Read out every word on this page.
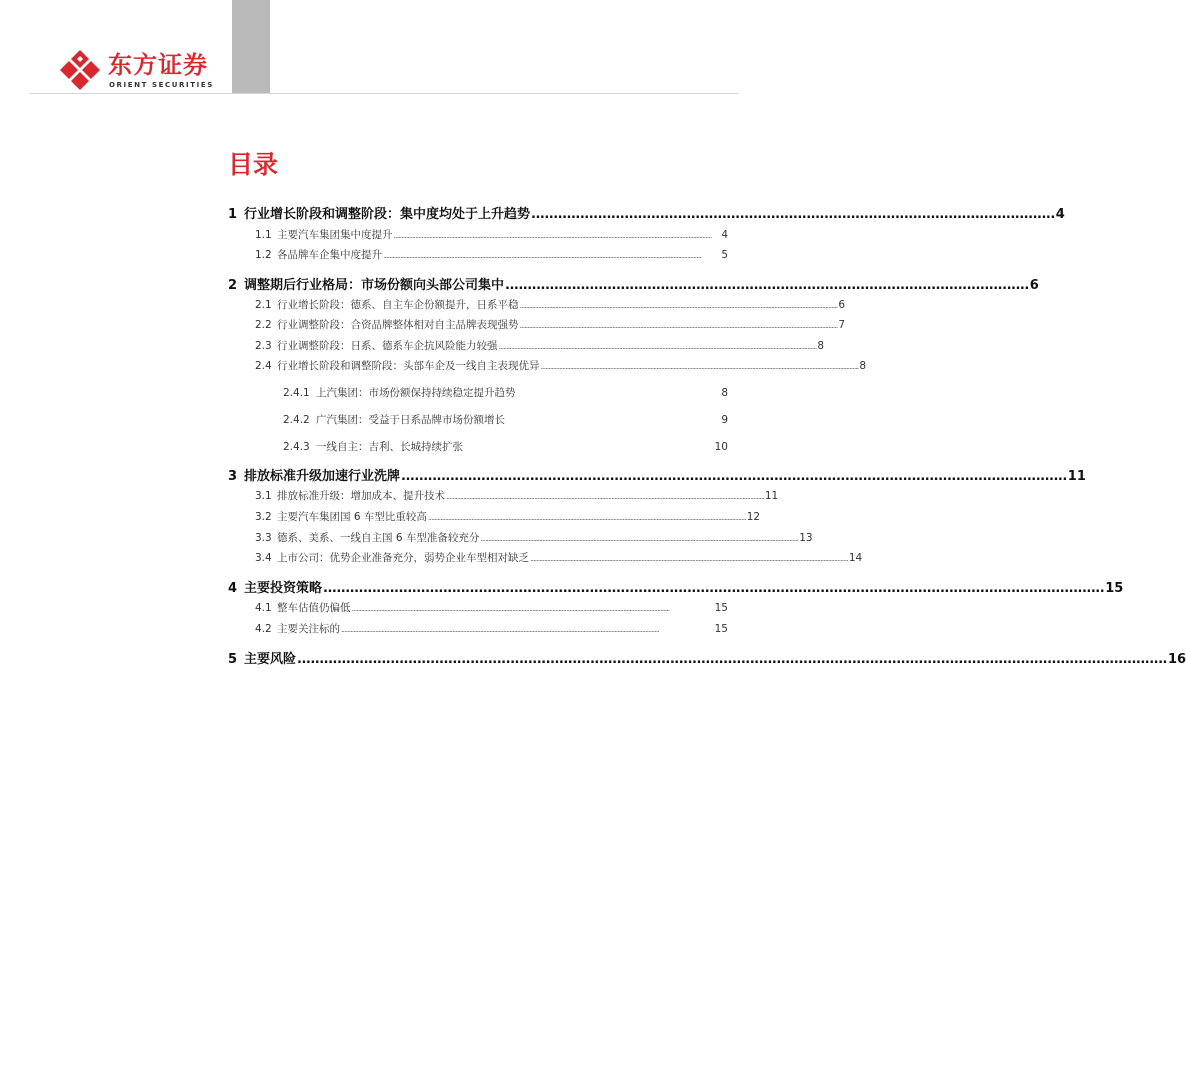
东方证券
ORIENT SECURITIES
目录
1 行业增长阶段和调整阶段：集中度均处于上升趋势 ...................................................................................................................... 4
1.1 主要汽车集团集中度提升 .............................................................................................................................................................................................................. 4
1.2 各品牌车企集中度提升 ..............................................................................................................................................................................................................	5
2 调整期后行业格局：市场份额向头部公司集中 ...................................................................................................................... 6
2.1 行业增长阶段：德系、自主车企份额提升，日系平稳 .............................................................................................................................................................................................................. 6
2.2 行业调整阶段：合资品牌整体相对自主品牌表现强势 .............................................................................................................................................................................................................. 7
2.3 行业调整阶段：日系、德系车企抗风险能力较强 .............................................................................................................................................................................................................. 8
2.4 行业增长阶段和调整阶段：头部车企及一线自主表现优异 .............................................................................................................................................................................................................. 8
2.4.1 上汽集团：市场份额保持持续稳定提升趋势	8
2.4.2 广汽集团：受益于日系品牌市场份额增长	9
2.4.3 一线自主：吉利、长城持续扩张	10
3 排放标准升级加速行业洗牌 ...................................................................................................................................................... 11
3.1 排放标准升级：增加成本、提升技术 .............................................................................................................................................................................................................. 11
3.2 主要汽车集团国 6 车型比重较高 .............................................................................................................................................................................................................. 12
3.3 德系、美系、一线自主国 6 车型准备较充分 .............................................................................................................................................................................................................. 13
3.4 上市公司：优势企业准备充分，弱势企业车型相对缺乏 .............................................................................................................................................................................................................. 14
4 主要投资策略 ................................................................................................................................................................................ 15
4.1 整车估值仍偏低 ..............................................................................................................................................................................................................	15
4.2 主要关注标的 ..............................................................................................................................................................................................................	15
5 主要风险 .................................................................................................................................................................................................... 16
